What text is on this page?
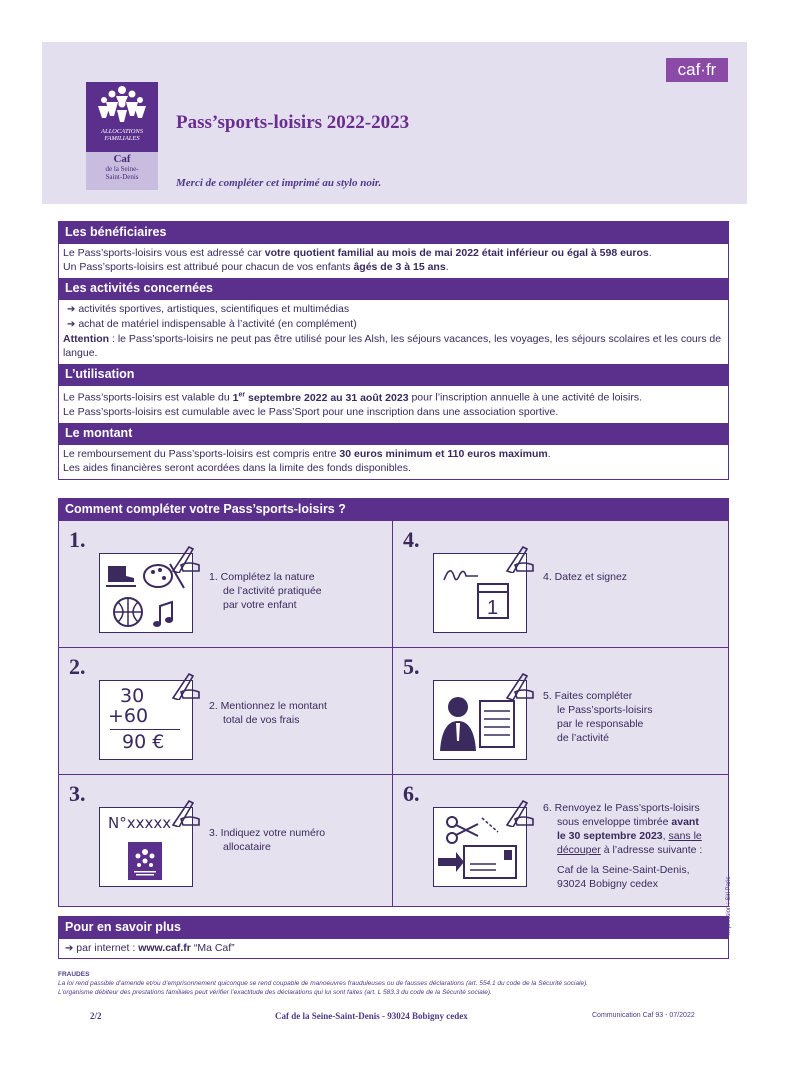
ALLOCATIONS
FAMILIALES
Caf
de la Seine-
Saint-Denis
caf·fr
Pass’sports-loisirs 2022-2023
Merci de compléter cet imprimé au stylo noir.
Les bénéficiaires
Le Pass’sports-loisirs vous est adressé car votre quotient familial au mois de mai 2022 était inférieur ou égal à 598 euros.
Un Pass’sports-loisirs est attribué pour chacun de vos enfants âgés de 3 à 15 ans.
Les activités concernées
➔ activités sportives, artistiques, scientifiques et multimédias
➔ achat de matériel indispensable à l’activité (en complément)
Attention : le Pass’sports-loisirs ne peut pas être utilisé pour les Alsh, les séjours vacances, les voyages, les séjours scolaires et les cours de langue.
L’utilisation
Le Pass’sports-loisirs est valable du 1er septembre 2022 au 31 août 2023 pour l’inscription annuelle à une activité de loisirs.
Le Pass’sports-loisirs est cumulable avec le Pass’Sport pour une inscription dans une association sportive.
Le montant
Le remboursement du Pass’sports-loisirs est compris entre 30 euros minimum et 110 euros maximum.
Les aides financières seront acordées dans la limite des fonds disponibles.
Comment compléter votre Pass’sports-loisirs ?
1.
1. Complétez la nature
de l’activité pratiquée
par votre enfant
4.
1
4. Datez et signez
2.
30
+60
90 €
2. Mentionnez le montant
total de vos frais
5.
5. Faites compléter
le Pass’sports-loisirs
par le responsable
de l’activité
3.
N°xxxxx
3. Indiquez votre numéro
allocataire
6.
6. Renvoyez le Pass’sports-loisirs
sous enveloppe timbrée avant
le 30 septembre 2023, sans le
découper à l’adresse suivante :
Caf de la Seine-Saint-Denis,
93024 Bobigny cedex
Pour en savoir plus
➔ par internet : www.caf.fr “Ma Caf”
FRAUDES
La loi rend passible d’amende et/ou d’emprisonnement quiconque se rend coupable de manoeuvres frauduleuses ou de fausses déclarations (art. 554.1 du code de la Sécurité sociale).
L’organisme débiteur des prestations familiales peut vérifier l’exactitude des déclarations qui lui sont faites (art. L 583.3 du code de la Sécurité sociale).
Impression : Siri Paris
2/2	Caf de la Seine-Saint-Denis - 93024 Bobigny cedex	Communication Caf 93 - 07/2022
